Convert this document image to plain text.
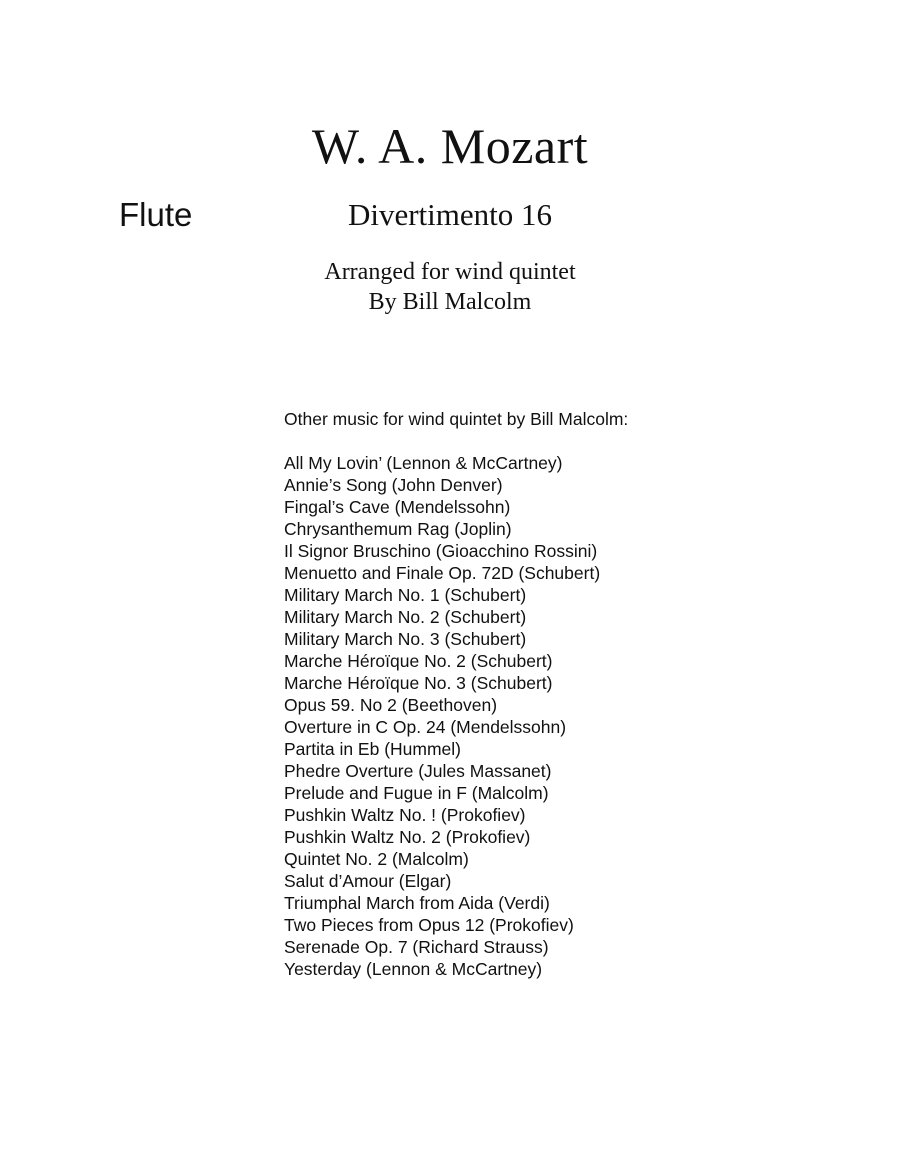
W. A. Mozart
Flute	Divertimento 16
Arranged for wind quintet
By Bill Malcolm
Other music for wind quintet by Bill Malcolm:
All My Lovin’ (Lennon & McCartney)
Annie’s Song (John Denver)
Fingal’s Cave (Mendelssohn)
Chrysanthemum Rag (Joplin)
Il Signor Bruschino (Gioacchino Rossini)
Menuetto and Finale Op. 72D (Schubert)
Military March No. 1 (Schubert)
Military March No. 2 (Schubert)
Military March No. 3 (Schubert)
Marche Héroïque No. 2 (Schubert)
Marche Héroïque No. 3 (Schubert)
Opus 59. No 2 (Beethoven)
Overture in C Op. 24 (Mendelssohn)
Partita in Eb (Hummel)
Phedre Overture (Jules Massanet)
Prelude and Fugue in F (Malcolm)
Pushkin Waltz No. ! (Prokofiev)
Pushkin Waltz No. 2 (Prokofiev)
Quintet No. 2 (Malcolm)
Salut d’Amour (Elgar)
Triumphal March from Aida (Verdi)
Two Pieces from Opus 12 (Prokofiev)
Serenade Op. 7 (Richard Strauss)
Yesterday (Lennon & McCartney)
